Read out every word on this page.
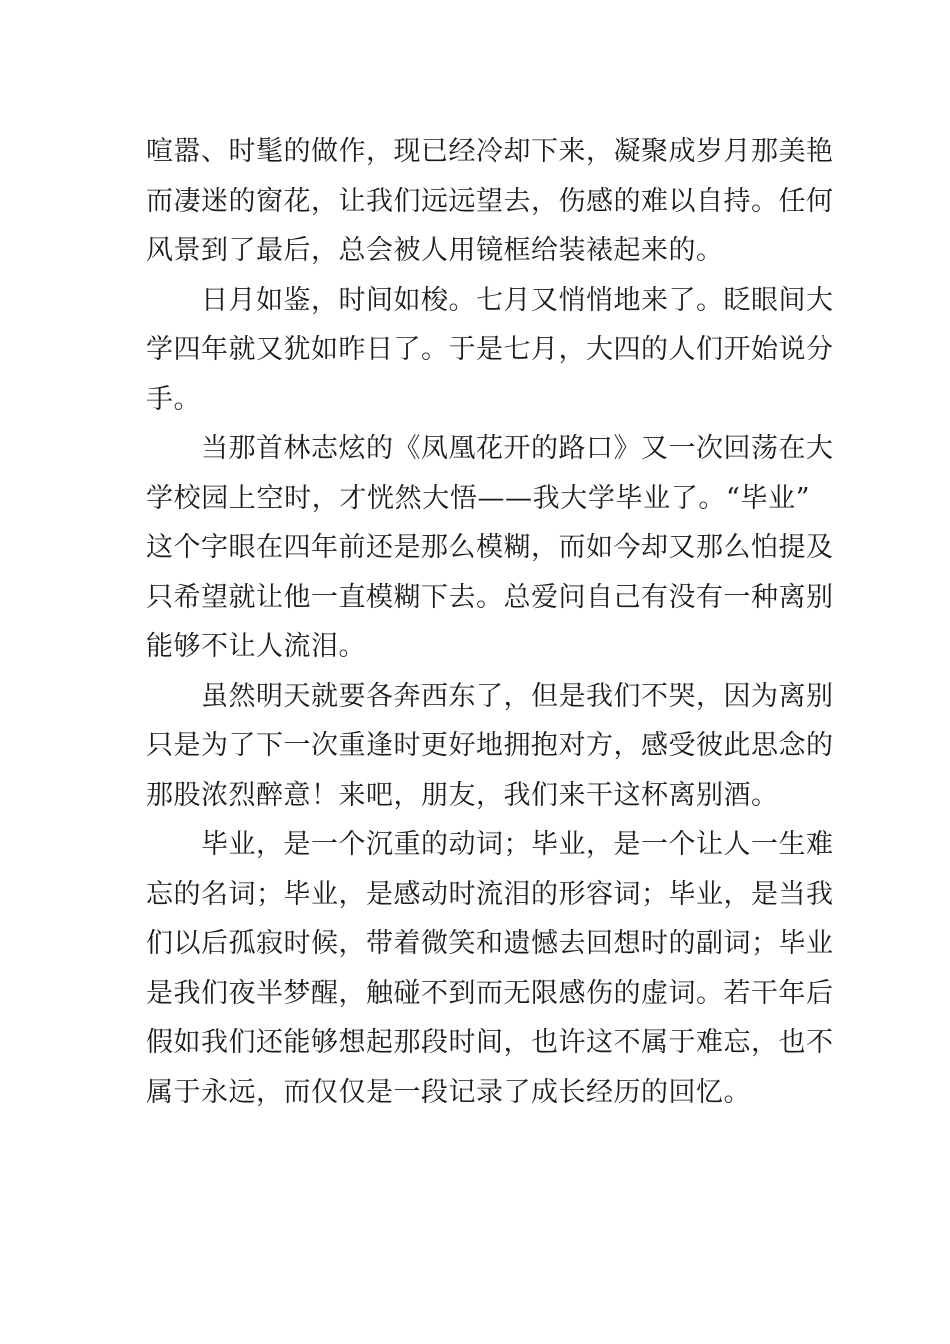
喧嚣、时髦的做作，现已经冷却下来，凝聚成岁月那美艳
而凄迷的窗花，让我们远远望去，伤感的难以自持。任何
风景到了最后，总会被人用镜框给装裱起来的。
日月如鉴，时间如梭。七月又悄悄地来了。眨眼间大
学四年就又犹如昨日了。于是七月，大四的人们开始说分
手。
当那首林志炫的《凤凰花开的路口》又一次回荡在大
学校园上空时，才恍然大悟——我大学毕业了。“毕业”
这个字眼在四年前还是那么模糊，而如今却又那么怕提及
只希望就让他一直模糊下去。总爱问自己有没有一种离别
能够不让人流泪。
虽然明天就要各奔西东了，但是我们不哭，因为离别
只是为了下一次重逢时更好地拥抱对方，感受彼此思念的
那股浓烈醉意！来吧，朋友，我们来干这杯离别酒。
毕业，是一个沉重的动词；毕业，是一个让人一生难
忘的名词；毕业，是感动时流泪的形容词；毕业，是当我
们以后孤寂时候，带着微笑和遗憾去回想时的副词；毕业
是我们夜半梦醒，触碰不到而无限感伤的虚词。若干年后
假如我们还能够想起那段时间，也许这不属于难忘，也不
属于永远，而仅仅是一段记录了成长经历的回忆。
